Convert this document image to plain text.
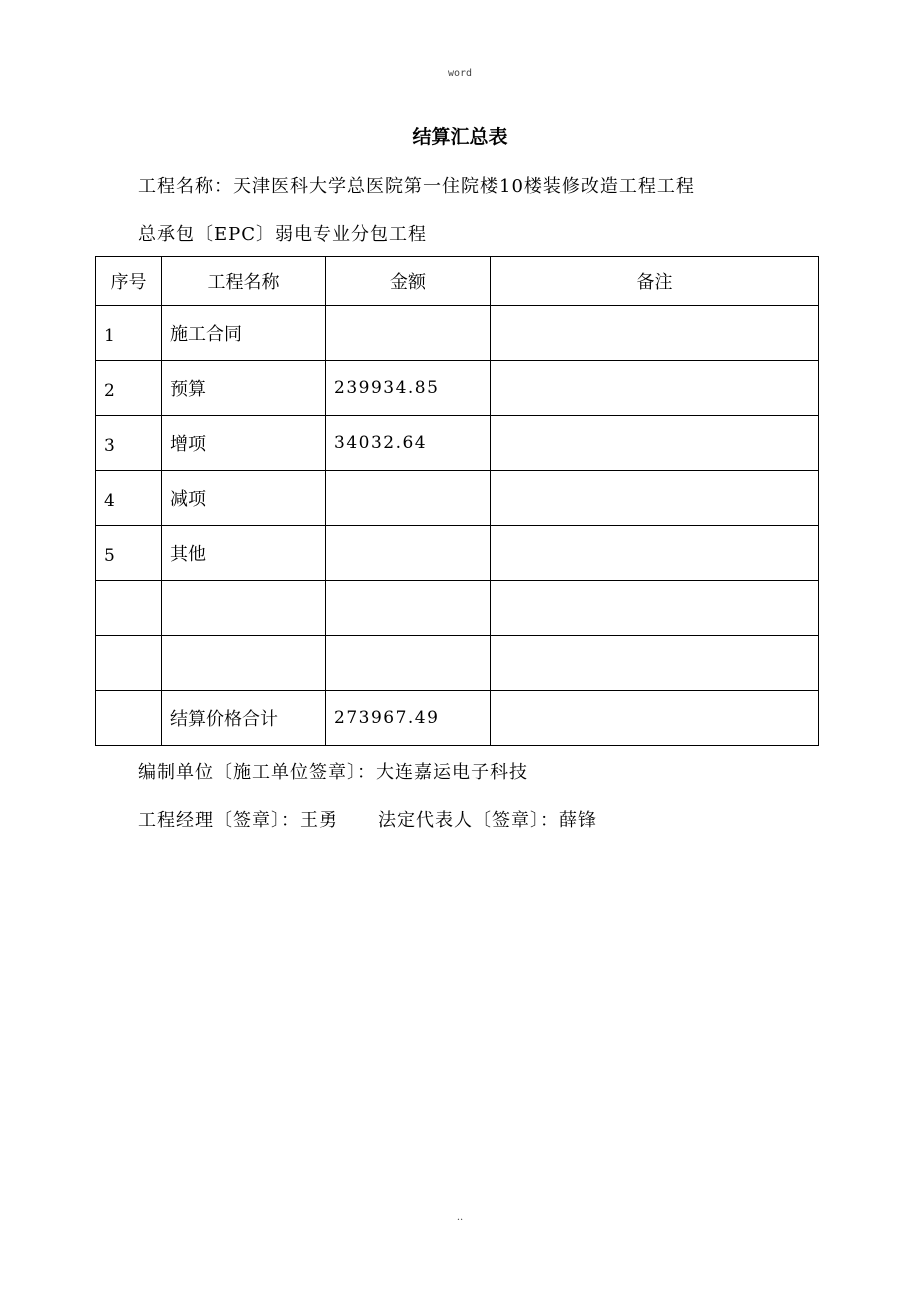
word
结算汇总表
工程名称：天津医科大学总医院第一住院楼10楼装修改造工程工程
总承包〔EPC〕弱电专业分包工程
序号	工程名称	金额	备注
1	施工合同		
2	预算	239934.85	
3	增项	34032.64	
4	减项		
5	其他		

	结算价格合计	273967.49	
编制单位〔施工单位签章〕：大连嘉运电子科技
工程经理〔签章〕：王勇 法定代表人〔签章〕：薛锋
..
